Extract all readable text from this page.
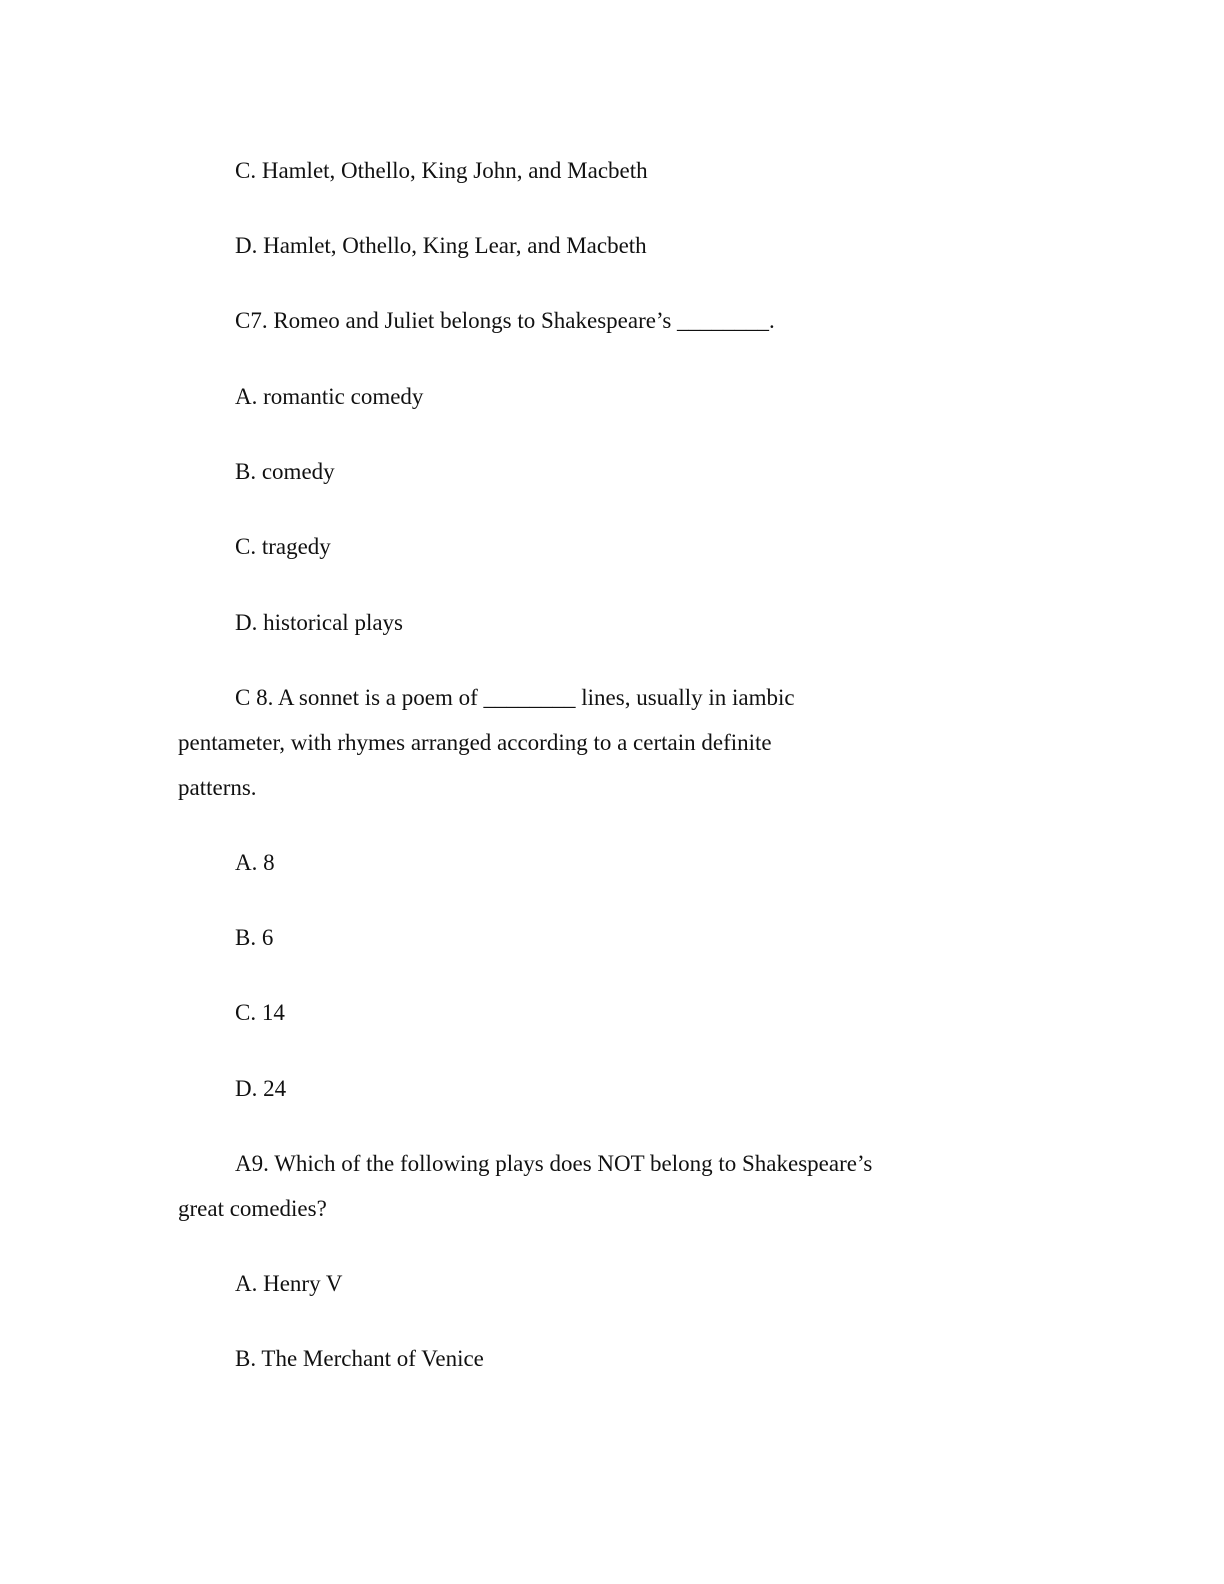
C. Hamlet, Othello, King John, and Macbeth

D. Hamlet, Othello, King Lear, and Macbeth

C7. Romeo and Juliet belongs to Shakespeare’s ________.

A. romantic comedy

B. comedy

C. tragedy

D. historical plays

C 8. A sonnet is a poem of ________ lines, usually in iambic

pentameter, with rhymes arranged according to a certain definite

patterns.

A. 8

B. 6

C. 14

D. 24

A9. Which of the following plays does NOT belong to Shakespeare’s

great comedies?

A. Henry V

B. The Merchant of Venice
